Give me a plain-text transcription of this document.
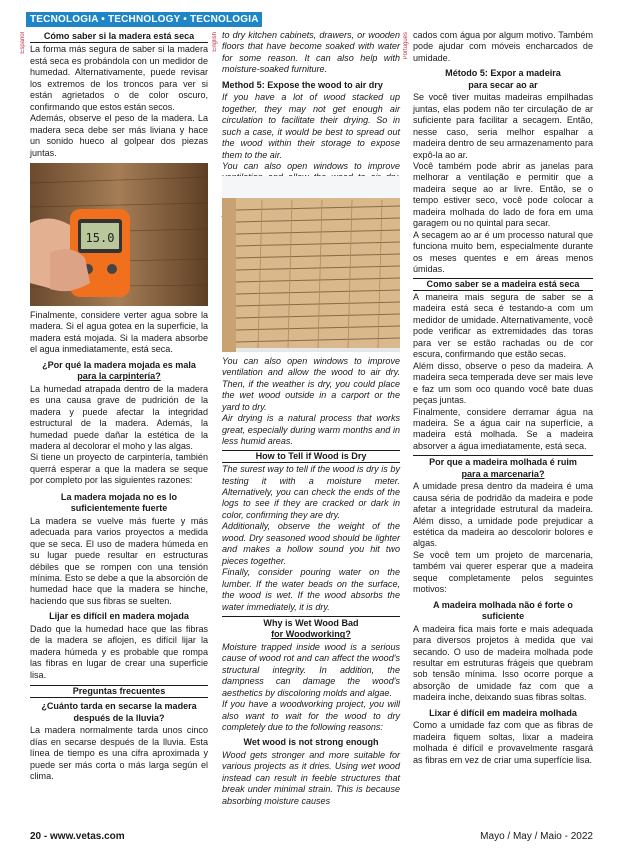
TECNOLOGIA • TECHNOLOGY • TECNOLOGIA
Español	English	Português
Cómo saber si la madera está seca

La forma más segura de saber si la madera está seca es probándola con un medidor de humedad. Alternativamente, puede revisar los extremos de los troncos para ver si están agrietados o de color oscuro, confirmando que estos están secos.

Además, observe el peso de la madera. La madera seca debe ser más liviana y hace un sonido hueco al golpear dos piezas juntas.

15.0

Finalmente, considere verter agua sobre la madera. Si el agua gotea en la superficie, la madera está mojada. Si la madera absorbe el agua inmediatamente, está seca.

¿Por qué la madera mojada es mala
para la carpintería?

La humedad atrapada dentro de la madera es una causa grave de pudrición de la madera y puede afectar la integridad estructural de la madera. Además, la humedad puede dañar la estética de la madera al decolorar el moho y las algas.

Si tiene un proyecto de carpintería, también querrá esperar a que la madera se seque por completo por las siguientes razones:

La madera mojada no es lo
suficientemente fuerte

La madera se vuelve más fuerte y más adecuada para varios proyectos a medida que se seca. El uso de madera húmeda en su lugar puede resultar en estructuras débiles que se rompen con una tensión mínima. Esto se debe a que la absorción de humedad hace que la madera se hinche, haciendo que sus fibras se suelten.

Lijar es difícil en madera mojada

Dado que la humedad hace que las fibras de la madera se aflojen, es difícil lijar la madera húmeda y es probable que rompa las fibras en lugar de crear una superficie lisa.

Preguntas frecuentes
¿Cuánto tarda en secarse la madera
después de la lluvia?

La madera normalmente tarda unos cinco días en secarse después de la lluvia. Esta línea de tiempo es una cifra aproximada y puede ser más corta o más larga según el clima.

to dry kitchen cabinets, drawers, or wooden floors that have become soaked with water for some reason. It can also help with moisture-soaked furniture.

Method 5: Expose the wood to air dry

If you have a lot of wood stacked up together, they may not get enough air circulation to facilitate their drying. So in such a case, it would be best to spread out the wood within their storage to expose them to the air.

You can also open windows to improve

You can also open windows to improve ventilation and allow the wood to air dry. Then, if the weather is dry, you could place the wet wood outside in a carport or the yard to dry.

Air drying is a natural process that works great, especially during warm months and in less humid areas.

How to Tell if Wood is Dry

The surest way to tell if the wood is dry is by testing it with a moisture meter. Alternatively, you can check the ends of the logs to see if they are cracked or dark in color, confirming they are dry.

Additionally, observe the weight of the wood. Dry seasoned wood should be lighter and makes a hollow sound you hit two pieces together.

Finally, consider pouring water on the lumber. If the water beads on the surface, the wood is wet. If the wood absorbs the water immediately, it is dry.

Why is Wet Wood Bad
for Woodworking?

Moisture trapped inside wood is a serious cause of wood rot and can affect the wood's structural integrity. In addition, the dampness can damage the wood's aesthetics by discoloring molds and algae.

If you have a woodworking project, you will also want to wait for the wood to dry completely due to the following reasons:

Wet wood is not strong enough

Wood gets stronger and more suitable for various projects as it dries. Using wet wood instead can result in feeble structures that break under minimal strain. This is because absorbing moisture causes

cados com água por algum motivo. Também pode ajudar com móveis encharcados de umidade.

Método 5: Expor a madeira
para secar ao ar

Se você tiver muitas madeiras empilhadas juntas, elas podem não ter circulação de ar suficiente para facilitar a secagem. Então, nesse caso, seria melhor espalhar a madeira dentro de seu armazenamento para expô-la ao ar.

Você também pode abrir as janelas para melhorar a ventilação e permitir que a madeira seque ao ar livre. Então, se o tempo estiver seco, você pode colocar a madeira molhada do lado de fora em uma garagem ou no quintal para secar.

A secagem ao ar é um processo natural que funciona muito bem, especialmente durante os meses quentes e em áreas menos úmidas.

Como saber se a madeira está seca

A maneira mais segura de saber se a madeira está seca é testando-a com um medidor de umidade. Alternativamente, você pode verificar as extremidades das toras para ver se estão rachadas ou de cor escura, confirmando que estão secas.

Além disso, observe o peso da madeira. A madeira seca temperada deve ser mais leve e faz um som oco quando você bate duas peças juntas.

Finalmente, considere derramar água na madeira. Se a água cair na superfície, a madeira está molhada. Se a madeira absorver a água imediatamente, está seca.

Por que a madeira molhada é ruim
para a marcenaria?

A umidade presa dentro da madeira é uma causa séria de podridão da madeira e pode afetar a integridade estrutural da madeira. Além disso, a umidade pode prejudicar a estética da madeira ao descolorir bolores e algas.

Se você tem um projeto de marcenaria, também vai querer esperar que a madeira seque completamente pelos seguintes motivos:

A madeira molhada não é forte o
suficiente

A madeira fica mais forte e mais adequada para diversos projetos à medida que vai secando. O uso de madeira molhada pode resultar em estruturas frágeis que quebram sob tensão mínima. Isso ocorre porque a absorção de umidade faz com que a madeira inche, deixando suas fibras soltas.

Lixar é difícil em madeira molhada

Como a umidade faz com que as fibras de madeira fiquem soltas, lixar a madeira molhada é difícil e provavelmente rasgará as fibras em vez de criar uma superfície lisa.

20 - www.vetas.com	Mayo / May / Maio - 2022
